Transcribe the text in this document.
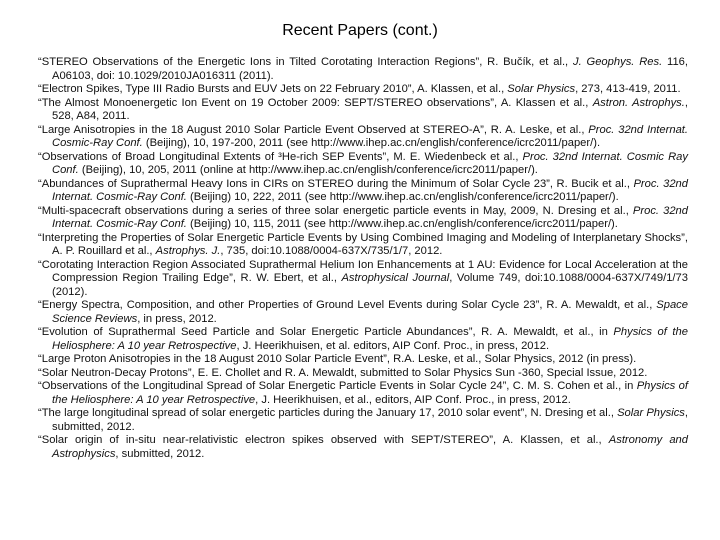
Recent Papers (cont.)

“STEREO Observations of the Energetic Ions in Tilted Corotating Interaction Regions”, R. Bučík, et al., J. Geophys. Res. 116, A06103, doi: 10.1029/2010JA016311 (2011).

“Electron Spikes, Type III Radio Bursts and EUV Jets on 22 February 2010”, A. Klassen, et al., Solar Physics, 273, 413-419, 2011.

“The Almost Monoenergetic Ion Event on 19 October 2009: SEPT/STEREO observations”, A. Klassen et al., Astron. Astrophys., 528, A84, 2011.

“Large Anisotropies in the 18 August 2010 Solar Particle Event Observed at STEREO-A”, R. A. Leske, et al., Proc. 32nd Internat. Cosmic-Ray Conf. (Beijing), 10, 197-200, 2011 (see http://www.ihep.ac.cn/english/conference/icrc2011/paper/).

“Observations of Broad Longitudinal Extents of ³He-rich SEP Events”, M. E. Wiedenbeck et al., Proc. 32nd Internat. Cosmic Ray Conf. (Beijing), 10, 205, 2011 (online at http://www.ihep.ac.cn/english/conference/icrc2011/paper/).

“Abundances of Suprathermal Heavy Ions in CIRs on STEREO during the Minimum of Solar Cycle 23”, R. Bucik et al., Proc. 32nd Internat. Cosmic-Ray Conf. (Beijing) 10, 222, 2011 (see http://www.ihep.ac.cn/english/conference/icrc2011/paper/).

“Multi-spacecraft observations during a series of three solar energetic particle events in May, 2009, N. Dresing et al., Proc. 32nd Internat. Cosmic-Ray Conf. (Beijing) 10, 115, 2011 (see http://www.ihep.ac.cn/english/conference/icrc2011/paper/).

“Interpreting the Properties of Solar Energetic Particle Events by Using Combined Imaging and Modeling of Interplanetary Shocks”, A. P. Rouillard et al., Astrophys. J., 735, doi:10.1088/0004-637X/735/1/7, 2012.

“Corotating Interaction Region Associated Suprathermal Helium Ion Enhancements at 1 AU: Evidence for Local Acceleration at the Compression Region Trailing Edge”, R. W. Ebert, et al., Astrophysical Journal, Volume 749, doi:10.1088/0004-637X/749/1/73 (2012).

“Energy Spectra, Composition, and other Properties of Ground Level Events during Solar Cycle 23”, R. A. Mewaldt, et al., Space Science Reviews, in press, 2012.

“Evolution of Suprathermal Seed Particle and Solar Energetic Particle Abundances”, R. A. Mewaldt, et al., in Physics of the Heliosphere: A 10 year Retrospective, J. Heerikhuisen, et al. editors, AIP Conf. Proc., in press, 2012.

“Large Proton Anisotropies in the 18 August 2010 Solar Particle Event”, R.A. Leske, et al., Solar Physics, 2012 (in press).

“Solar Neutron-Decay Protons”, E. E. Chollet and R. A. Mewaldt, submitted to Solar Physics Sun -360, Special Issue, 2012.

“Observations of the Longitudinal Spread of Solar Energetic Particle Events in Solar Cycle 24”, C. M. S. Cohen et al., in Physics of the Heliosphere: A 10 year Retrospective, J. Heerikhuisen, et al., editors, AIP Conf. Proc., in press, 2012.

“The large longitudinal spread of solar energetic particles during the January 17, 2010 solar event”, N. Dresing et al., Solar Physics, submitted, 2012.

“Solar origin of in-situ near-relativistic electron spikes observed with SEPT/STEREO”, A. Klassen, et al., Astronomy and Astrophysics, submitted, 2012.
